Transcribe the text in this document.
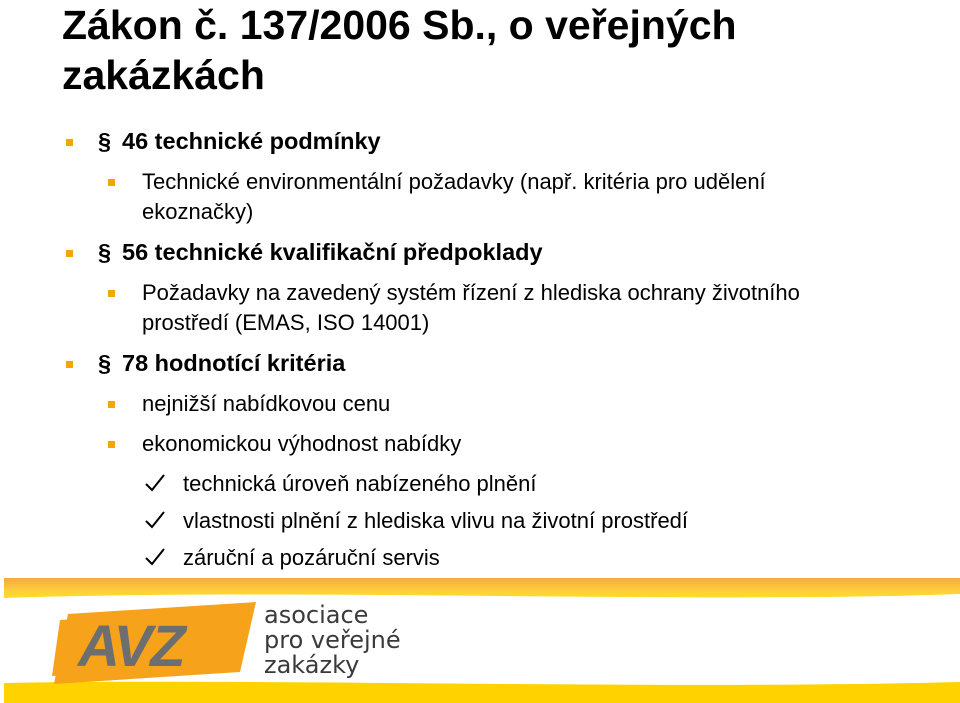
Zákon č. 137/2006 Sb., o veřejných zakázkách
§ 46 technické podmínky
Technické environmentální požadavky (např. kritéria pro udělení ekoznačky)
§ 56 technické kvalifikační předpoklady
Požadavky na zavedený systém řízení z hlediska ochrany životního prostředí (EMAS, ISO 14001)
§ 78 hodnotící kritéria
nejnižší nabídkovou cenu
ekonomickou výhodnost nabídky
technická úroveň nabízeného plnění
vlastnosti plnění z hlediska vlivu na životní prostředí
záruční a pozáruční servis
AVZ	asociace
pro veřejné
zakázky
